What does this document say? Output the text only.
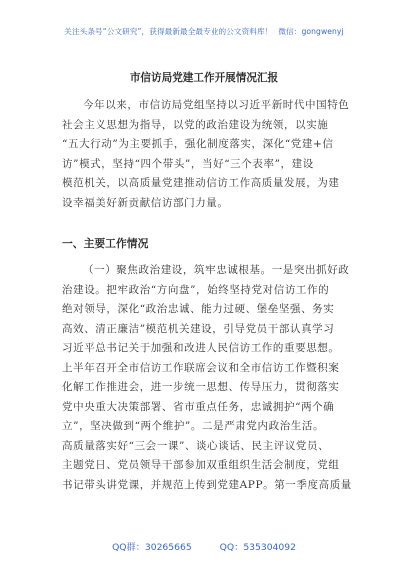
关注头条号“公文研究”，获得最新最全最专业的公文资料库！ 微信：gongwenyj
市信访局党建工作开展情况汇报

今年以来，市信访局党组坚持以习近平新时代中国特色
社会主义思想为指导，以党的政治建设为统领，以实施
“五大行动”为主要抓手，强化制度落实，深化“党建+信
访”模式，坚持“四个带头”，当好“三个表率”，建设
模范机关，以高质量党建推动信访工作高质量发展，为建
设幸福美好新贡献信访部门力量。

一、主要工作情况

（一）聚焦政治建设，筑牢忠诚根基。一是突出抓好政
治建设。把牢政治“方向盘”，始终坚持党对信访工作的
绝对领导，深化“政治忠诚、能力过硬、堡垒坚强、务实
高效、清正廉洁”模范机关建设，引导党员干部认真学习
习近平总书记关于加强和改进人民信访工作的重要思想。
上半年召开全市信访工作联席会议和全市信访工作暨积案
化解工作推进会，进一步统一思想、传导压力，贯彻落实
党中央重大决策部署、省市重点任务，忠诚拥护“两个确
立”，坚决做到“两个维护”。二是严肃党内政治生活。
高质量落实好“三会一课”、谈心谈话、民主评议党员、
主题党日、党员领导干部参加双重组织生活会制度，党组
书记带头讲党课，并规范上传到党建APP。第一季度高质量

QQ群：30265665	QQ：535304092
